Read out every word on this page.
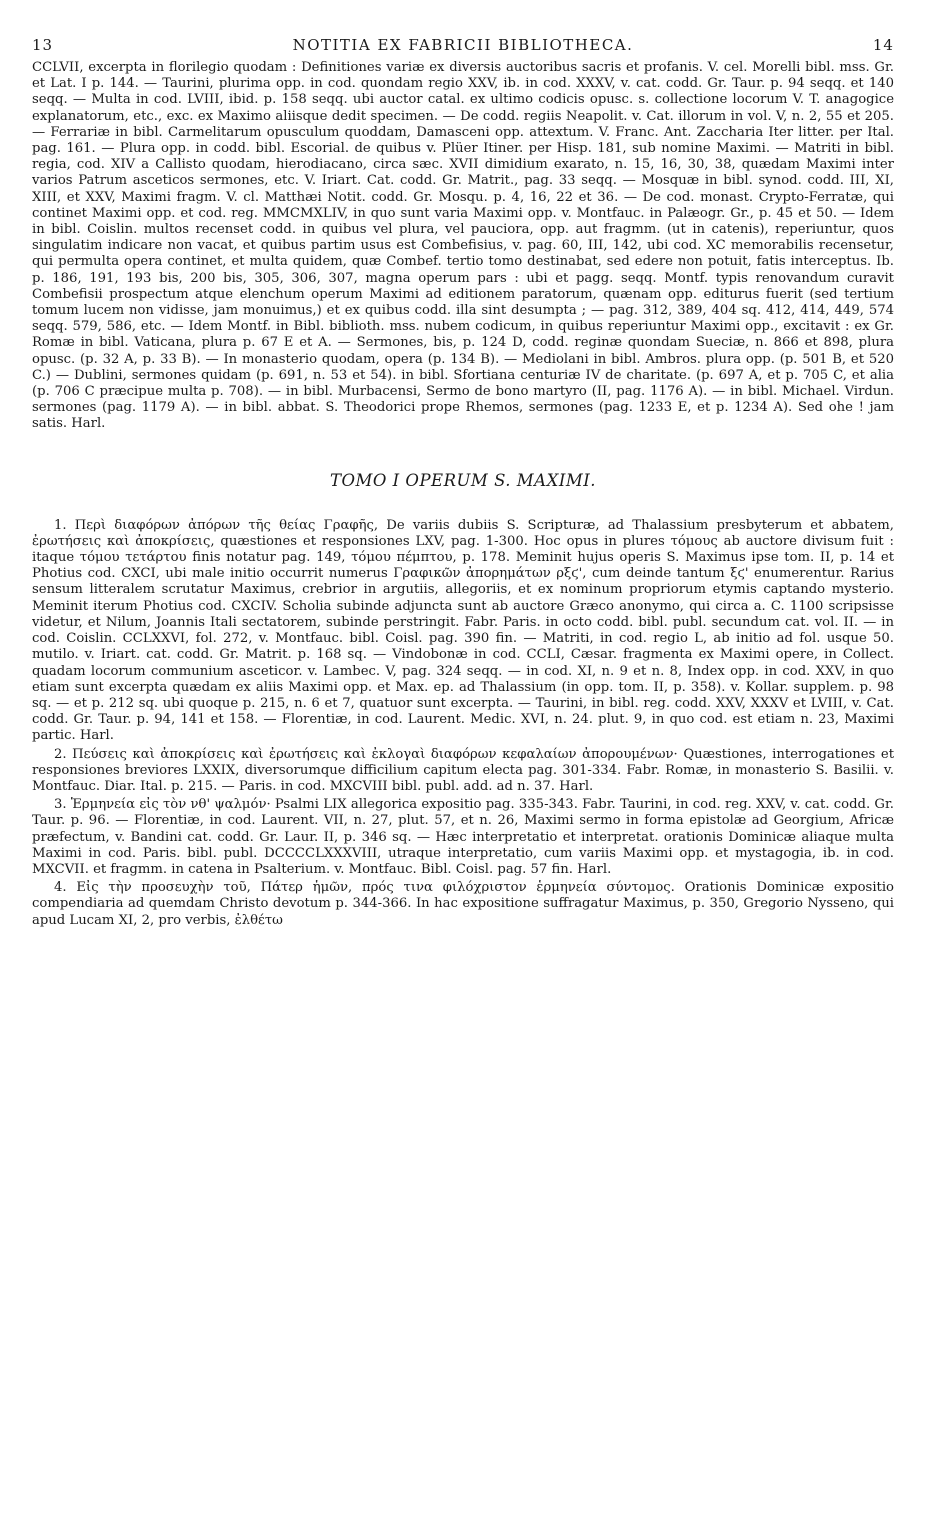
13	NOTITIA EX FABRICII BIBLIOTHECA.	14

CCLVII, excerpta in florilegio quodam : Definitiones variæ ex diversis auctoribus sacris et profanis. V. cel. Morelli bibl. mss. Gr. et Lat. I p. 144. — Taurini, plurima opp. in cod. quondam regio XXV, ib. in cod. XXXV, v. cat. codd. Gr. Taur. p. 94 seqq. et 140 seqq. — Multa in cod. LVIII, ibid. p. 158 seqq. ubi auctor catal. ex ultimo codicis opusc. s. collectione locorum V. T. anagogice explanatorum, etc., exc. ex Maximo aliisque dedit specimen. — De codd. regiis Neapolit. v. Cat. illorum in vol. V, n. 2, 55 et 205. — Ferrariæ in bibl. Carmelitarum opusculum quoddam, Damasceni opp. attextum. V. Franc. Ant. Zaccharia Iter litter. per Ital. pag. 161. — Plura opp. in codd. bibl. Escorial. de quibus v. Plüer Itiner. per Hisp. 181, sub nomine Maximi. — Matriti in bibl. regia, cod. XIV a Callisto quodam, hierodiacano, circa sæc. XVII dimidium exarato, n. 15, 16, 30, 38, quædam Maximi inter varios Patrum asceticos sermones, etc. V. Iriart. Cat. codd. Gr. Matrit., pag. 33 seqq. — Mosquæ in bibl. synod. codd. III, XI, XIII, et XXV, Maximi fragm. V. cl. Matthæi Notit. codd. Gr. Mosqu. p. 4, 16, 22 et 36. — De cod. monast. Crypto-Ferratæ, qui continet Maximi opp. et cod. reg. MMCMXLIV, in quo sunt varia Maximi opp. v. Montfauc. in Palæogr. Gr., p. 45 et 50. — Idem in bibl. Coislin. multos recenset codd. in quibus vel plura, vel pauciora, opp. aut fragmm. (ut in catenis), reperiuntur, quos singulatim indicare non vacat, et quibus partim usus est Combefisius, v. pag. 60, III, 142, ubi cod. XC memorabilis recensetur, qui permulta opera continet, et multa quidem, quæ Combef. tertio tomo destinabat, sed edere non potuit, fatis interceptus. Ib. p. 186, 191, 193 bis, 200 bis, 305, 306, 307, magna operum pars : ubi et pagg. seqq. Montf. typis renovandum curavit Combefisii prospectum atque elenchum operum Maximi ad editionem paratorum, quænam opp. editurus fuerit (sed tertium tomum lucem non vidisse, jam monuimus,) et ex quibus codd. illa sint desumpta ; — pag. 312, 389, 404 sq. 412, 414, 449, 574 seqq. 579, 586, etc. — Idem Montf. in Bibl. biblioth. mss. nubem codicum, in quibus reperiuntur Maximi opp., excitavit : ex Gr. Romæ in bibl. Vaticana, plura p. 67 E et A. — Sermones, bis, p. 124 D, codd. reginæ quondam Sueciæ, n. 866 et 898, plura opusc. (p. 32 A, p. 33 B). — In monasterio quodam, opera (p. 134 B). — Mediolani in bibl. Ambros. plura opp. (p. 501 B, et 520 C.) — Dublini, sermones quidam (p. 691, n. 53 et 54). in bibl. Sfortiana centuriæ IV de charitate. (p. 697 A, et p. 705 C, et alia (p. 706 C præcipue multa p. 708). — in bibl. Murbacensi, Sermo de bono martyro (II, pag. 1176 A). — in bibl. Michael. Virdun. sermones (pag. 1179 A). — in bibl. abbat. S. Theodorici prope Rhemos, sermones (pag. 1233 E, et p. 1234 A). Sed ohe ! jam satis. Harl.

TOMO I OPERUM S. MAXIMI.

1. Περὶ διαφόρων ἀπόρων τῆς θείας Γραφῆς, De variis dubiis S. Scripturæ, ad Thalassium presbyterum et abbatem, ἐρωτήσεις καὶ ἀποκρίσεις, quæstiones et responsiones LXV, pag. 1-300. Hoc opus in plures τόμους ab auctore divisum fuit : itaque τόμου τετάρτου finis notatur pag. 149, τόμου πέμπτου, p. 178. Meminit hujus operis S. Maximus ipse tom. II, p. 14 et Photius cod. CXCI, ubi male initio occurrit numerus Γραφικῶν ἀπορημάτων ρξϛ', cum deinde tantum ξϛ' enumerentur. Rarius sensum litteralem scrutatur Maximus, crebrior in argutiis, allegoriis, et ex nominum propriorum etymis captando mysterio. Meminit iterum Photius cod. CXCIV. Scholia subinde adjuncta sunt ab auctore Græco anonymo, qui circa a. C. 1100 scripsisse videtur, et Nilum, Joannis Itali sectatorem, subinde perstringit. Fabr. Paris. in octo codd. bibl. publ. secundum cat. vol. II. — in cod. Coislin. CCLXXVI, fol. 272, v. Montfauc. bibl. Coisl. pag. 390 fin. — Matriti, in cod. regio L, ab initio ad fol. usque 50. mutilo. v. Iriart. cat. codd. Gr. Matrit. p. 168 sq. — Vindobonæ in cod. CCLI, Cæsar. fragmenta ex Maximi opere, in Collect. quadam locorum communium asceticor. v. Lambec. V, pag. 324 seqq. — in cod. XI, n. 9 et n. 8, Index opp. in cod. XXV, in quo etiam sunt excerpta quædam ex aliis Maximi opp. et Max. ep. ad Thalassium (in opp. tom. II, p. 358). v. Kollar. supplem. p. 98 sq. — et p. 212 sq. ubi quoque p. 215, n. 6 et 7, quatuor sunt excerpta. — Taurini, in bibl. reg. codd. XXV, XXXV et LVIII, v. Cat. codd. Gr. Taur. p. 94, 141 et 158. — Florentiæ, in cod. Laurent. Medic. XVI, n. 24. plut. 9, in quo cod. est etiam n. 23, Maximi partic. Harl.

2. Πεύσεις καὶ ἀποκρίσεις καὶ ἐρωτήσεις καὶ ἐκλογαὶ διαφόρων κεφαλαίων ἀπορουμένων· Quæstiones, interrogationes et responsiones breviores LXXIX, diversorumque difficilium capitum electa pag. 301-334. Fabr. Romæ, in monasterio S. Basilii. v. Montfauc. Diar. Ital. p. 215. — Paris. in cod. MXCVIII bibl. publ. add. ad n. 37. Harl.

3. Ἑρμηνεία εἰς τὸν νθ' ψαλμόν· Psalmi LIX allegorica expositio pag. 335-343. Fabr. Taurini, in cod. reg. XXV, v. cat. codd. Gr. Taur. p. 96. — Florentiæ, in cod. Laurent. VII, n. 27, plut. 57, et n. 26, Maximi sermo in forma epistolæ ad Georgium, Africæ præfectum, v. Bandini cat. codd. Gr. Laur. II, p. 346 sq. — Hæc interpretatio et interpretat. orationis Dominicæ aliaque multa Maximi in cod. Paris. bibl. publ. DCCCCLXXXVIII, utraque interpretatio, cum variis Maximi opp. et mystagogia, ib. in cod. MXCVII. et fragmm. in catena in Psalterium. v. Montfauc. Bibl. Coisl. pag. 57 fin. Harl.

4. Εἰς τὴν προσευχὴν τοῦ, Πάτερ ἡμῶν, πρός τινα φιλόχριστον ἑρμηνεία σύντομος. Orationis Dominicæ expositio compendiaria ad quemdam Christo devotum p. 344-366. In hac expositione suffragatur Maximus, p. 350, Gregorio Nysseno, qui apud Lucam XI, 2, pro verbis, ἐλθέτω
